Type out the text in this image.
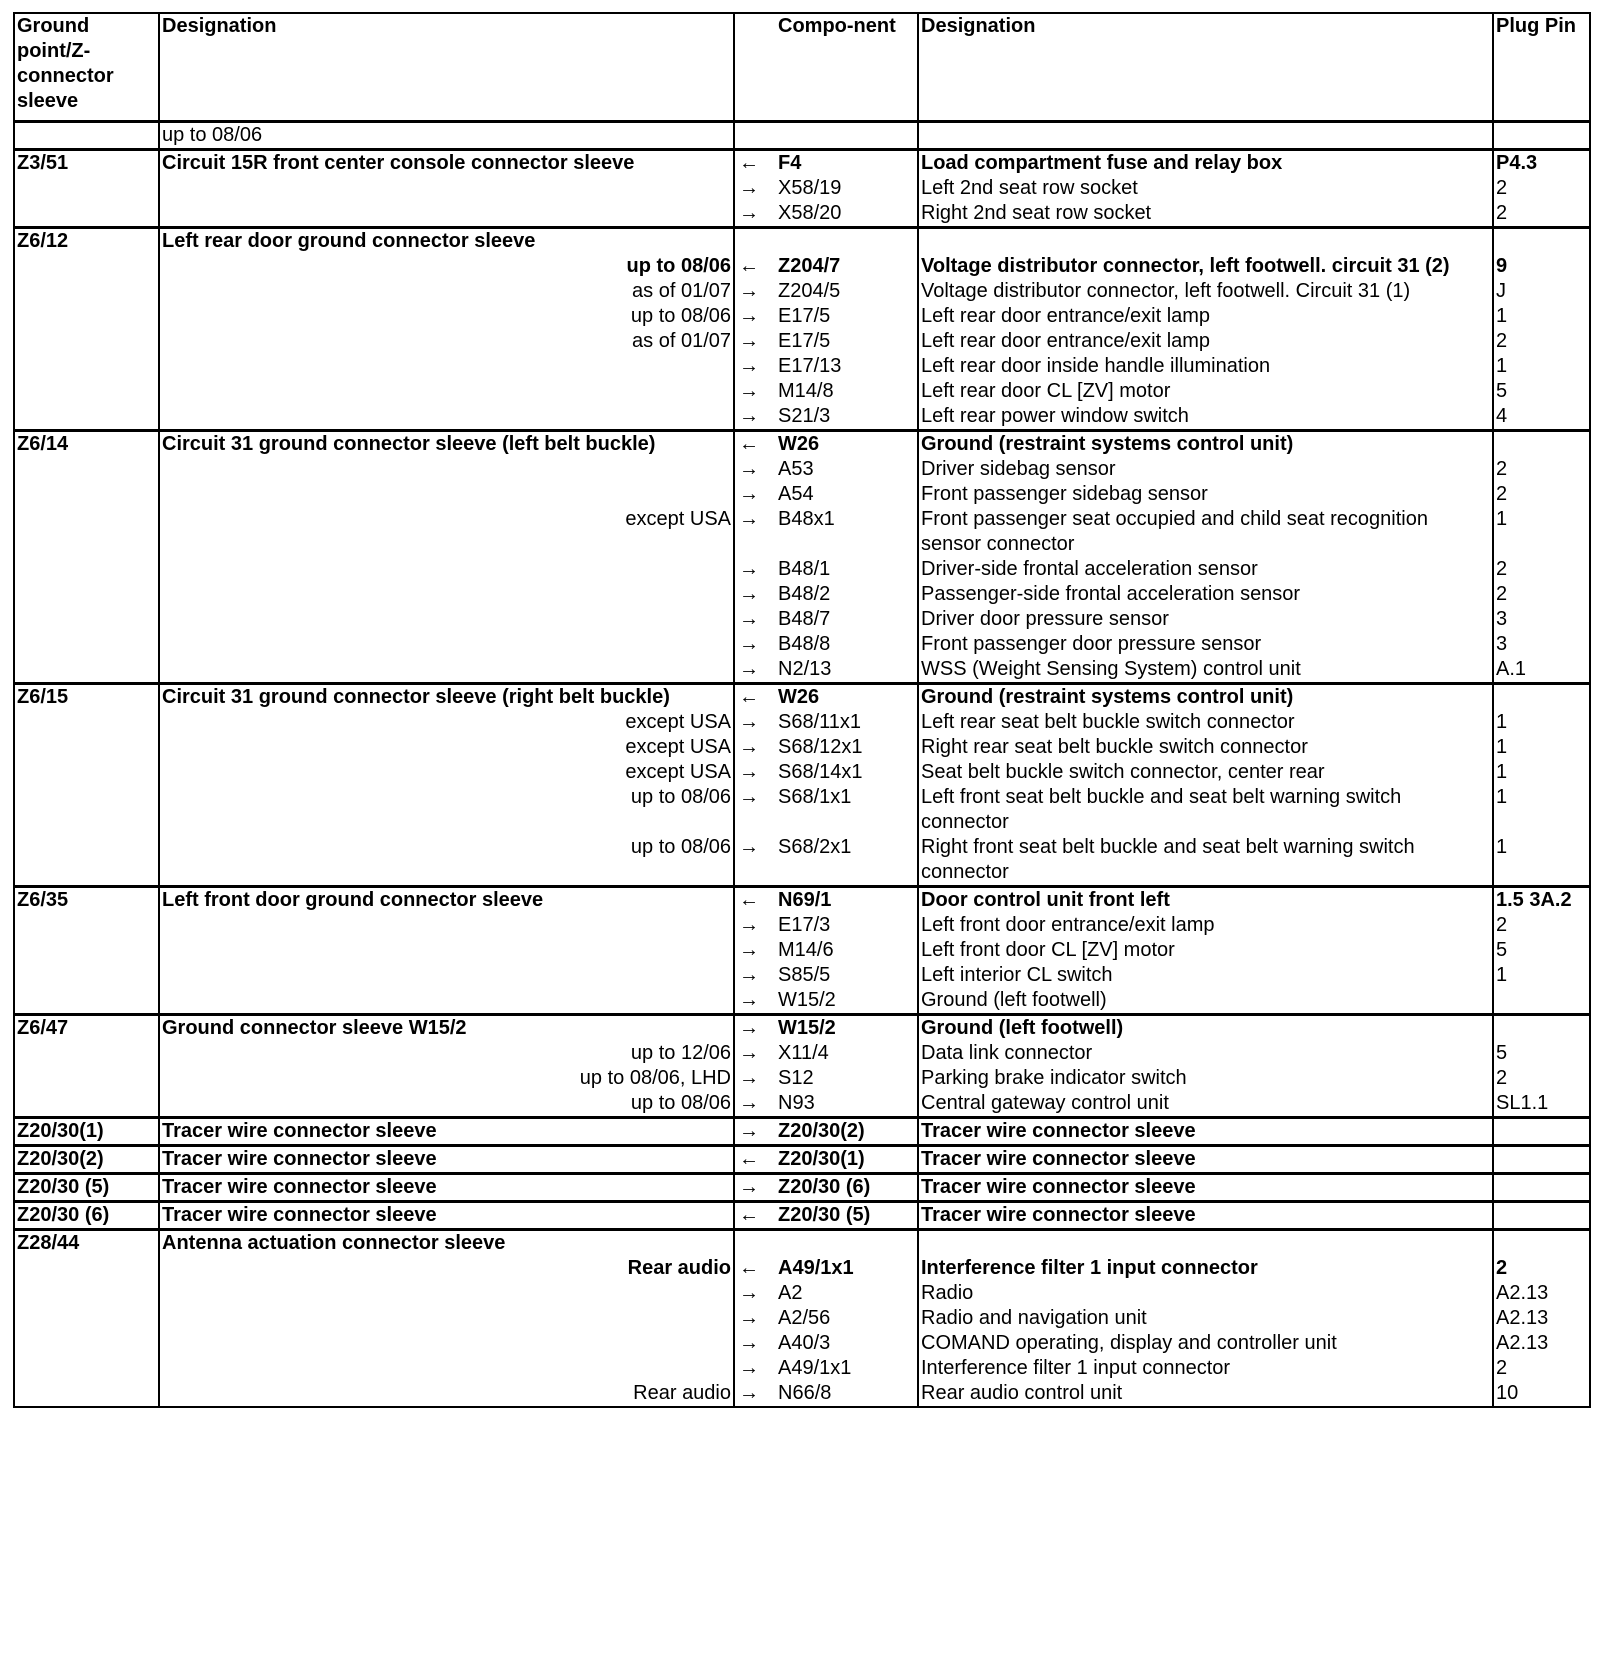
Ground point/Z-connector sleeve	Designation		Compo-nent	Designation	Plug Pin

	up to 08/06				

Z3/51	Circuit 15R front center console connector sleeve	←	F4	Load compartment fuse and relay box	P4.3
		→	X58/19	Left 2nd seat row socket	2
		→	X58/20	Right 2nd seat row socket	2
Z6/12	Left rear door ground connector sleeve				

	up to 08/06	←	Z204/7	Voltage distributor connector, left footwell. circuit 31 (2)	9

	as of 01/07	→	Z204/5	Voltage distributor connector, left footwell. Circuit 31 (1)	J

	up to 08/06	→	E17/5	Left rear door entrance/exit lamp	1

	as of 01/07	→	E17/5	Left rear door entrance/exit lamp	2
		→	E17/13	Left rear door inside handle illumination	1
		→	M14/8	Left rear door CL [ZV] motor	5
		→	S21/3	Left rear power window switch	4
Z6/14	Circuit 31 ground connector sleeve (left belt buckle)	←	W26	Ground (restraint systems control unit)	
		→	A53	Driver sidebag sensor	2
		→	A54	Front passenger sidebag sensor	2

	except USA	→	B48x1	Front passenger seat occupied and child seat recognition sensor connector	1
		→	B48/1	Driver-side frontal acceleration sensor	2
		→	B48/2	Passenger-side frontal acceleration sensor	2
		→	B48/7	Driver door pressure sensor	3
		→	B48/8	Front passenger door pressure sensor	3
		→	N2/13	WSS (Weight Sensing System) control unit	A.1
Z6/15	Circuit 31 ground connector sleeve (right belt buckle)	←	W26	Ground (restraint systems control unit)	

	except USA	→	S68/11x1	Left rear seat belt buckle switch connector	1

	except USA	→	S68/12x1	Right rear seat belt buckle switch connector	1

	except USA	→	S68/14x1	Seat belt buckle switch connector, center rear	1

	up to 08/06	→	S68/1x1	Left front seat belt buckle and seat belt warning switch connector	1

	up to 08/06	→	S68/2x1	Right front seat belt buckle and seat belt warning switch connector	1
Z6/35	Left front door ground connector sleeve	←	N69/1	Door control unit front left	1.5 3A.2
		→	E17/3	Left front door entrance/exit lamp	2
		→	M14/6	Left front door CL [ZV] motor	5
		→	S85/5	Left interior CL switch	1
		→	W15/2	Ground (left footwell)	
Z6/47	Ground connector sleeve W15/2	→	W15/2	Ground (left footwell)	

	up to 12/06	→	X11/4	Data link connector	5

	up to 08/06, LHD	→	S12	Parking brake indicator switch	2

	up to 08/06	→	N93	Central gateway control unit	SL1.1
Z20/30(1)	Tracer wire connector sleeve	→	Z20/30(2)	Tracer wire connector sleeve	
Z20/30(2)	Tracer wire connector sleeve	←	Z20/30(1)	Tracer wire connector sleeve	
Z20/30 (5)	Tracer wire connector sleeve	→	Z20/30 (6)	Tracer wire connector sleeve	
Z20/30 (6)	Tracer wire connector sleeve	←	Z20/30 (5)	Tracer wire connector sleeve	
Z28/44	Antenna actuation connector sleeve				

	Rear audio	←	A49/1x1	Interference filter 1 input connector	2
		→	A2	Radio	A2.13
		→	A2/56	Radio and navigation unit	A2.13
		→	A40/3	COMAND operating, display and controller unit	A2.13
		→	A49/1x1	Interference filter 1 input connector	2

	Rear audio	→	N66/8	Rear audio control unit	10
